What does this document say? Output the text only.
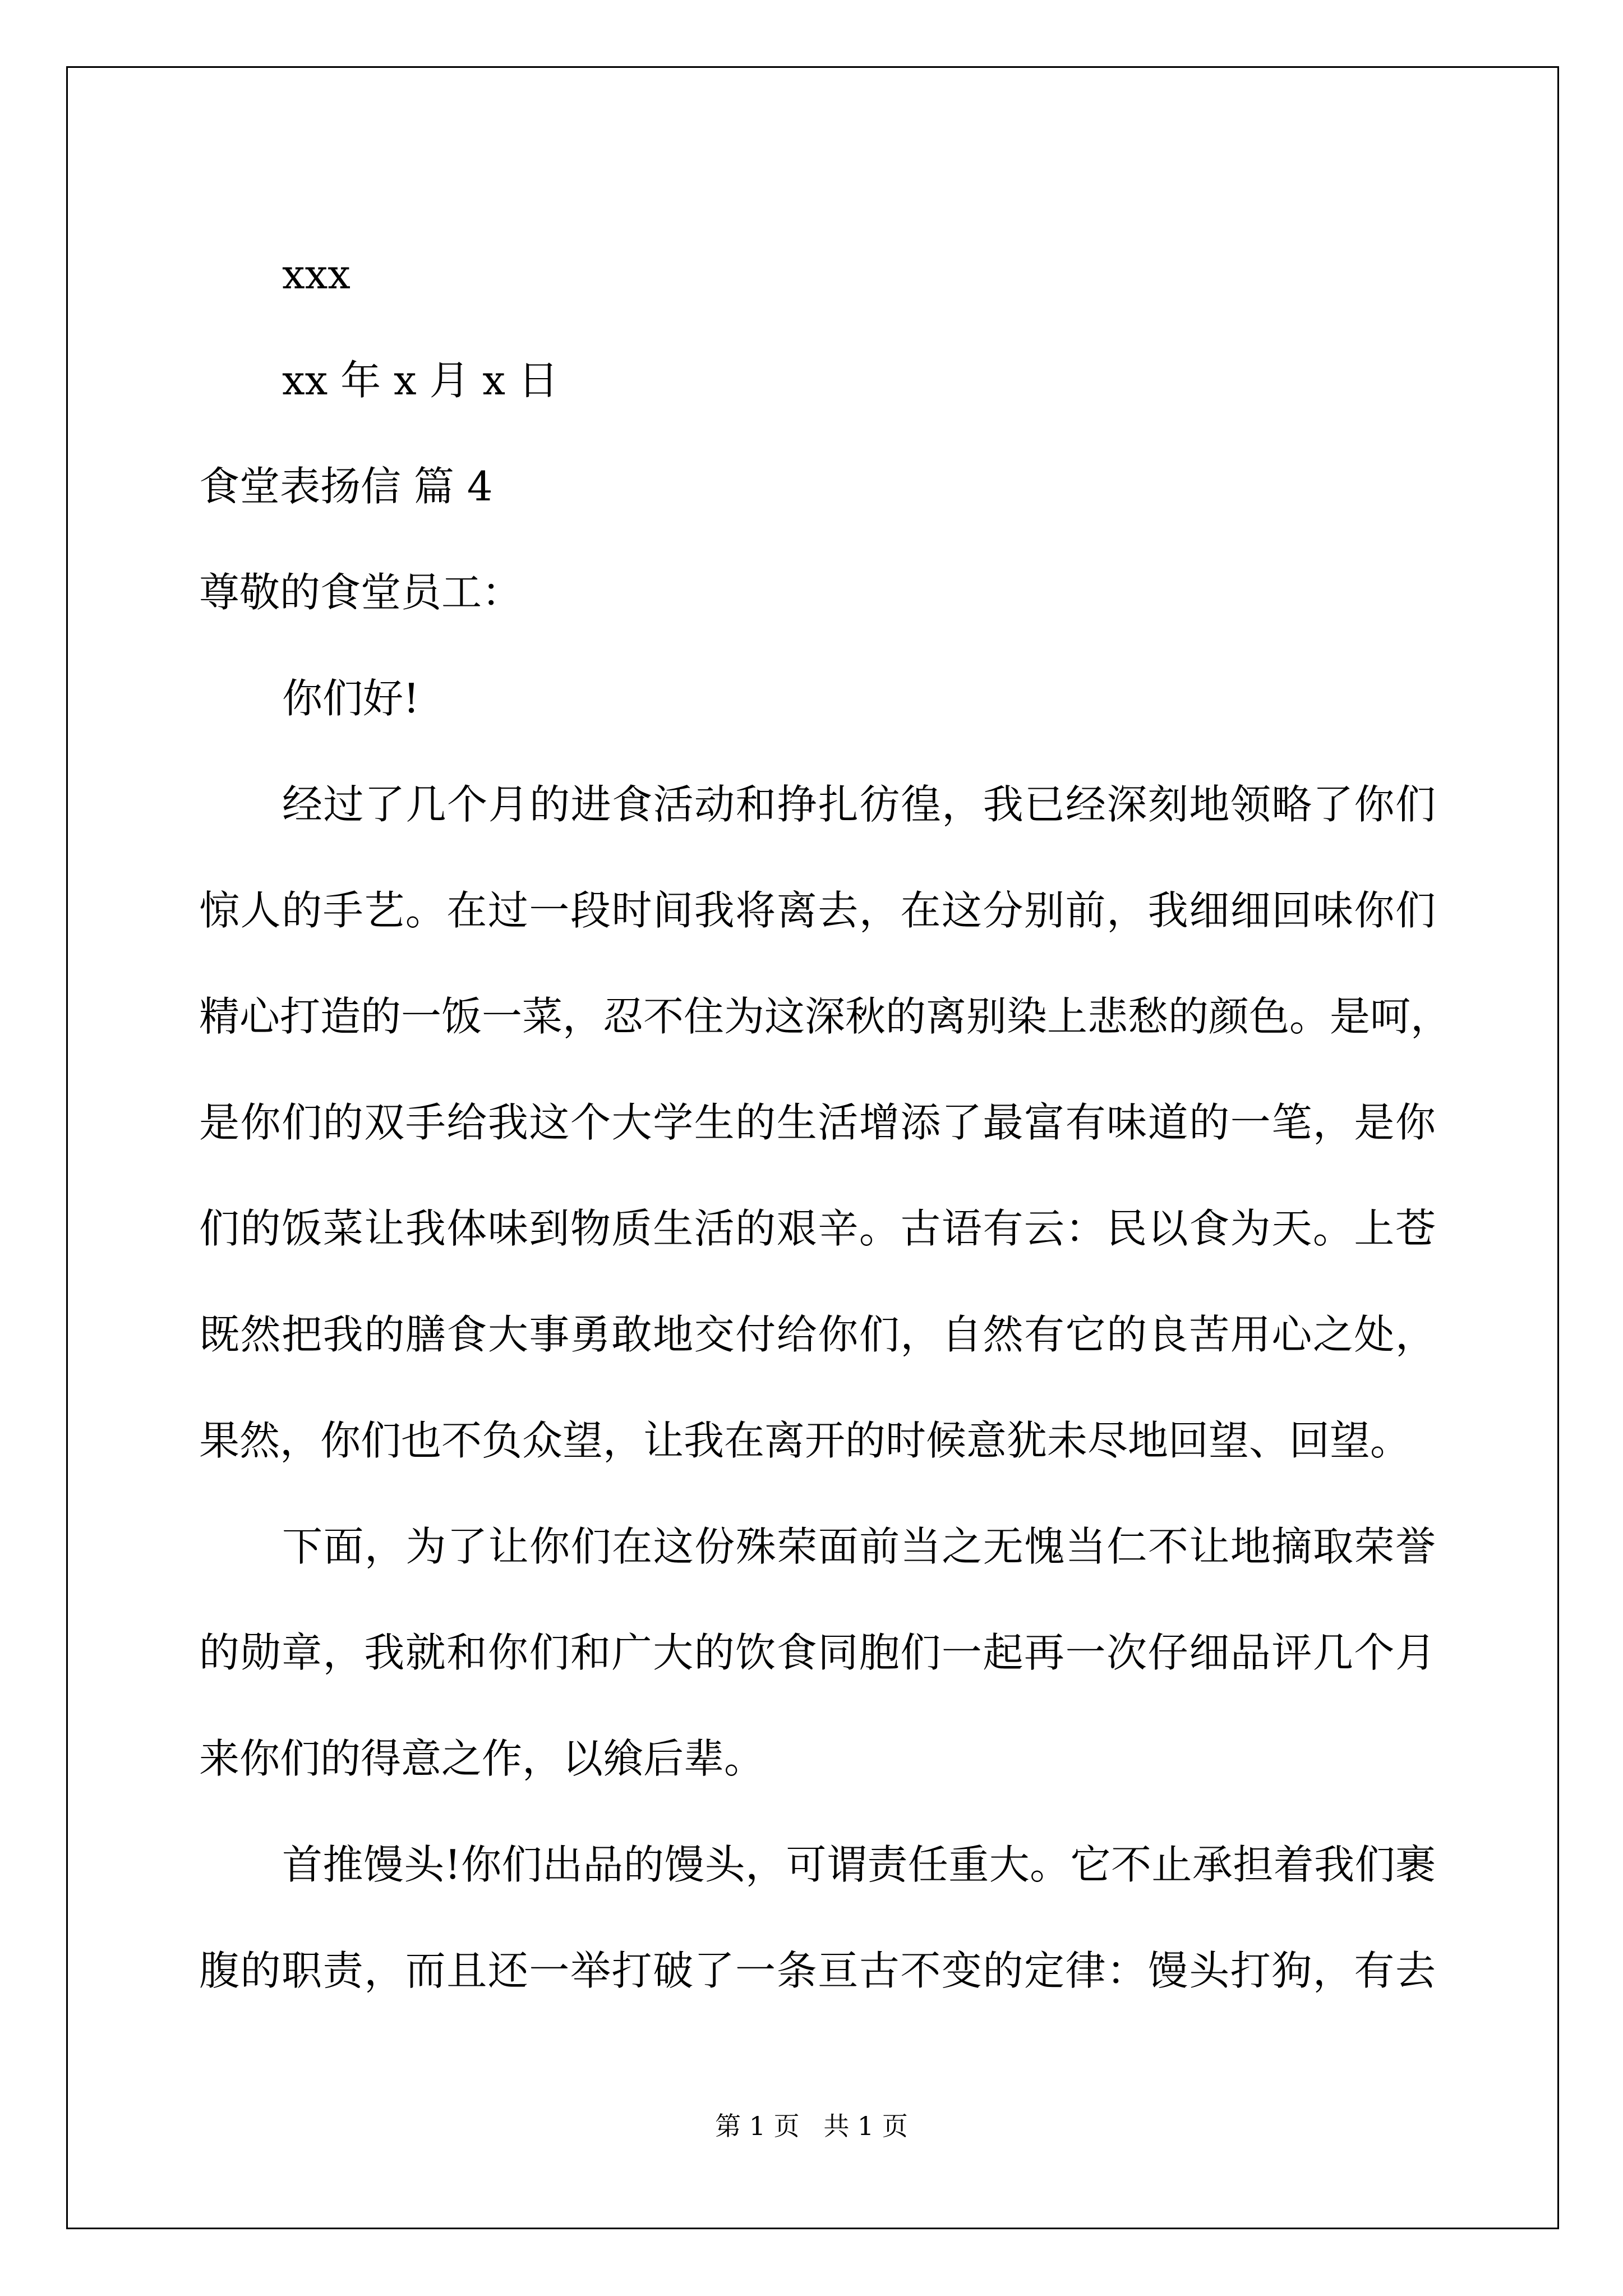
xxx

xx 年 x 月 x 日

食堂表扬信 篇 4

尊敬的食堂员工：

你们好!

经过了几个月的进食活动和挣扎彷徨，我已经深刻地领略了你们

惊人的手艺。在过一段时间我将离去，在这分别前，我细细回味你们

精心打造的一饭一菜，忍不住为这深秋的离别染上悲愁的颜色。是呵，

是你们的双手给我这个大学生的生活增添了最富有味道的一笔，是你

们的饭菜让我体味到物质生活的艰辛。古语有云：民以食为天。上苍

既然把我的膳食大事勇敢地交付给你们，自然有它的良苦用心之处，

果然，你们也不负众望，让我在离开的时候意犹未尽地回望、回望。

下面，为了让你们在这份殊荣面前当之无愧当仁不让地摘取荣誉

的勋章，我就和你们和广大的饮食同胞们一起再一次仔细品评几个月

来你们的得意之作，以飨后辈。

首推馒头!你们出品的馒头，可谓责任重大。它不止承担着我们裹

腹的职责，而且还一举打破了一条亘古不变的定律：馒头打狗，有去

第 1 页 共 1 页
